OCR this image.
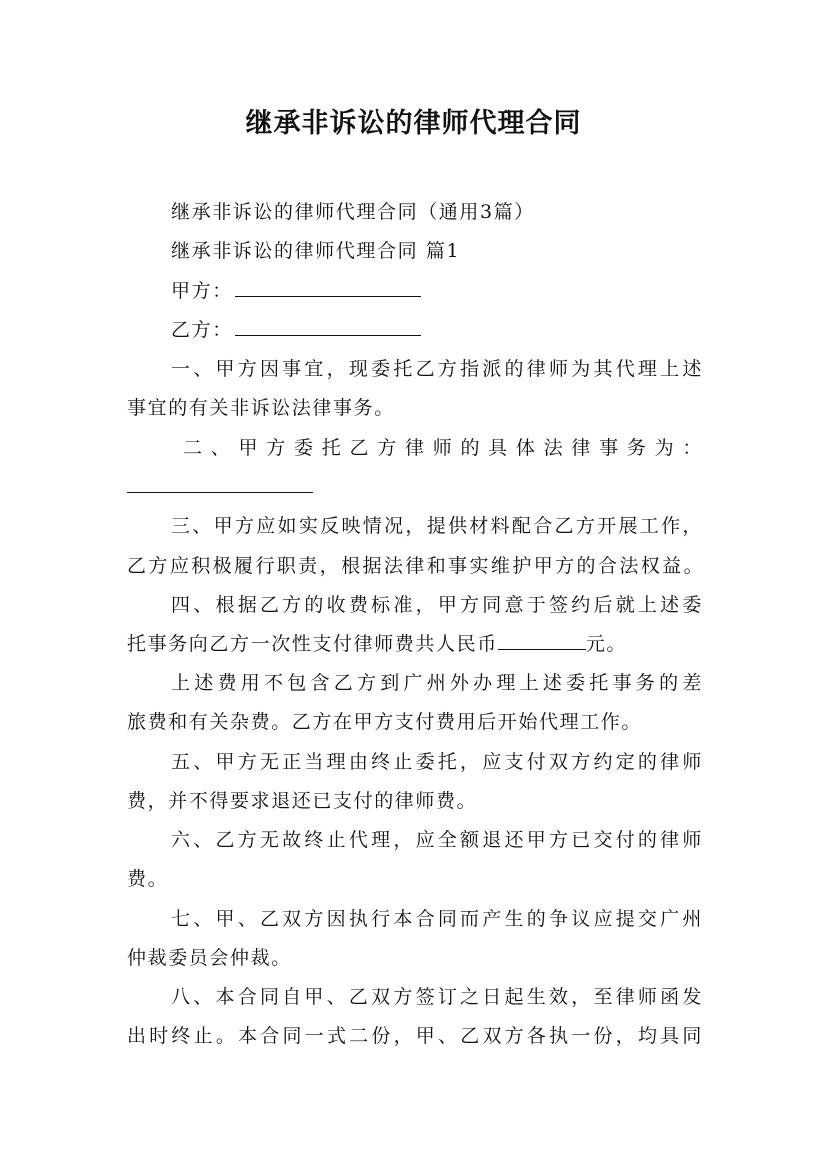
继承非诉讼的律师代理合同
继承非诉讼的律师代理合同（通用3篇）
继承非诉讼的律师代理合同 篇1
甲方：
乙方：
一、甲方因事宜，现委托乙方指派的律师为其代理上述
事宜的有关非诉讼法律事务。
二、甲方委托乙方律师的具体法律事务为：
三、甲方应如实反映情况，提供材料配合乙方开展工作，
乙方应积极履行职责，根据法律和事实维护甲方的合法权益。
四、根据乙方的收费标准，甲方同意于签约后就上述委
托事务向乙方一次性支付律师费共人民币	元。
上述费用不包含乙方到广州外办理上述委托事务的差
旅费和有关杂费。乙方在甲方支付费用后开始代理工作。
五、甲方无正当理由终止委托，应支付双方约定的律师
费，并不得要求退还已支付的律师费。
六、乙方无故终止代理，应全额退还甲方已交付的律师
费。
七、甲、乙双方因执行本合同而产生的争议应提交广州
仲裁委员会仲裁。
八、本合同自甲、乙双方签订之日起生效，至律师函发
出时终止。本合同一式二份，甲、乙双方各执一份，均具同
